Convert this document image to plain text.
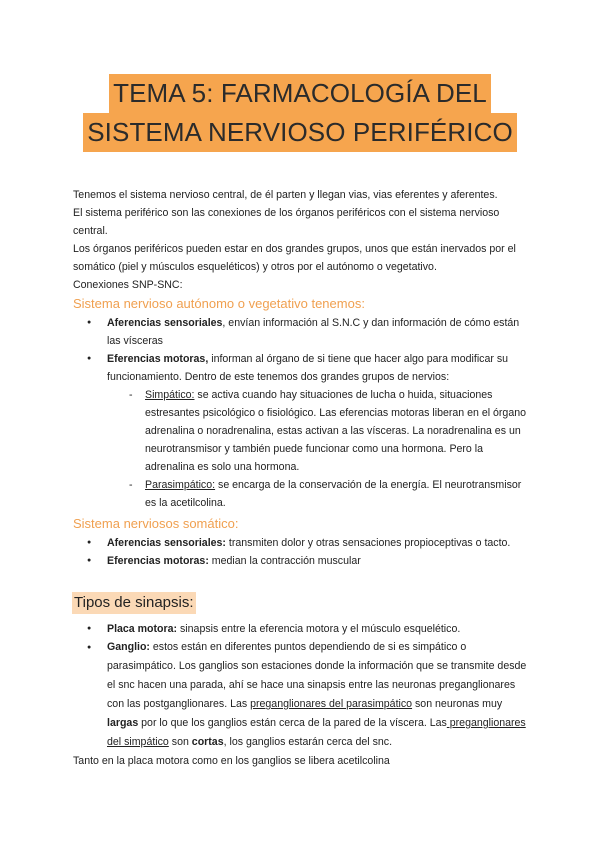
TEMA 5: FARMACOLOGÍA DEL
SISTEMA NERVIOSO PERIFÉRICO

Tenemos el sistema nervioso central, de él parten y llegan vias, vias eferentes y aferentes.

El sistema periférico son las conexiones de los órganos periféricos con el sistema nervioso central.

Los órganos periféricos pueden estar en dos grandes grupos, unos que están inervados por el somático (piel y músculos esqueléticos) y otros por el autónomo o vegetativo.

Conexiones SNP-SNC:

Sistema nervioso autónomo o vegetativo tenemos:
● Aferencias sensoriales, envían información al S.N.C y dan información de cómo están las vísceras
● Eferencias motoras, informan al órgano de si tiene que hacer algo para modificar su funcionamiento. Dentro de este tenemos dos grandes grupos de nervios:
- Simpático: se activa cuando hay situaciones de lucha o huida, situaciones estresantes psicológico o fisiológico. Las eferencias motoras liberan en el órgano adrenalina o noradrenalina, estas activan a las vísceras. La noradrenalina es un neurotransmisor y también puede funcionar como una hormona. Pero la adrenalina es solo una hormona.
- Parasimpático: se encarga de la conservación de la energía. El neurotransmisor es la acetilcolina.
Sistema nerviosos somático:
● Aferencias sensoriales: transmiten dolor y otras sensaciones propioceptivas o tacto.
● Eferencias motoras: median la contracción muscular
Tipos de sinapsis:
● Placa motora: sinapsis entre la eferencia motora y el músculo esquelético.
● Ganglio: estos están en diferentes puntos dependiendo de si es simpático o parasimpático. Los ganglios son estaciones donde la información que se transmite desde el snc hacen una parada, ahí se hace una sinapsis entre las neuronas preganglionares con las postganglionares. Las preganglionares del parasimpático son neuronas muy largas por lo que los ganglios están cerca de la pared de la víscera. Las preganglionares del simpático son cortas, los ganglios estarán cerca del snc.

Tanto en la placa motora como en los ganglios se libera acetilcolina
